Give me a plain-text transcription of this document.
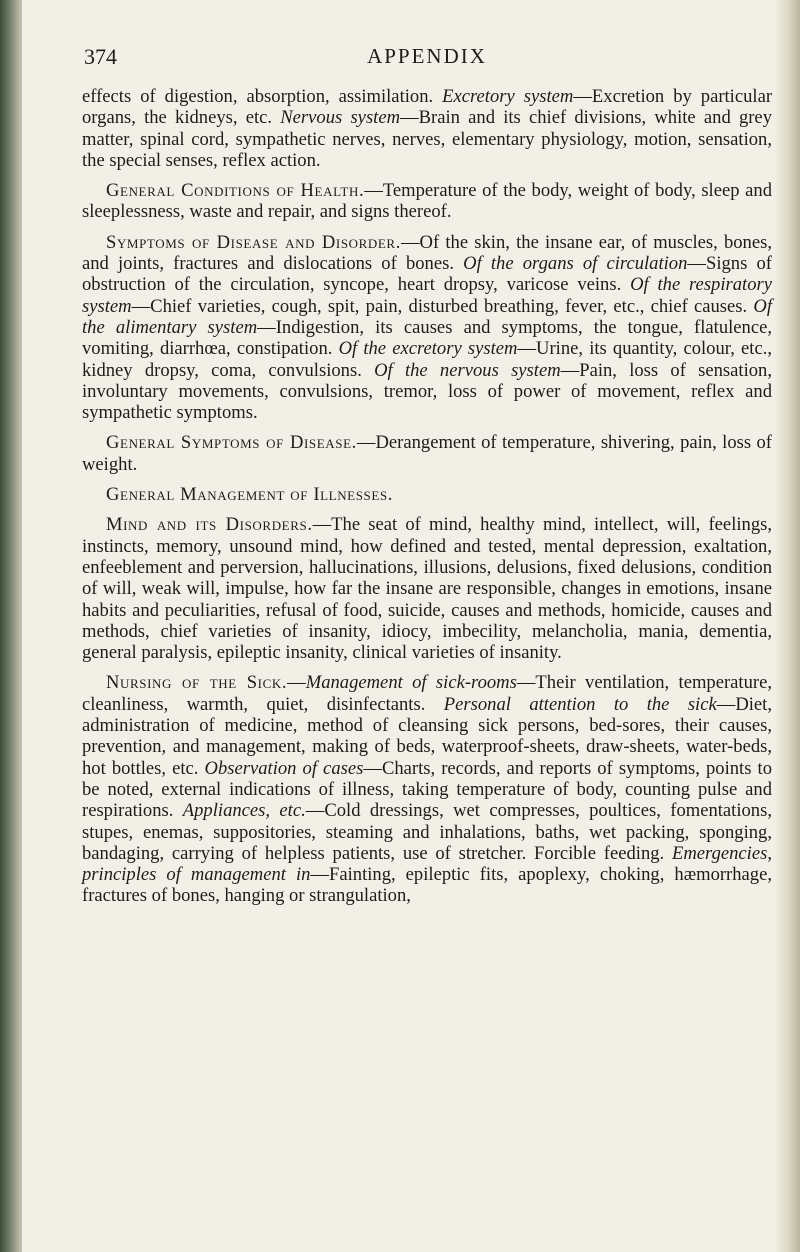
374	APPENDIX

effects of digestion, absorption, assimilation. Excretory system—Excretion by particular organs, the kidneys, etc. Nervous system—Brain and its chief divisions, white and grey matter, spinal cord, sympathetic nerves, nerves, elementary physiology, motion, sensation, the special senses, reflex action.

General Conditions of Health.—Temperature of the body, weight of body, sleep and sleeplessness, waste and repair, and signs thereof.

Symptoms of Disease and Disorder.—Of the skin, the insane ear, of muscles, bones, and joints, fractures and dislocations of bones. Of the organs of circulation—Signs of obstruction of the circulation, syncope, heart dropsy, varicose veins. Of the respiratory system—Chief varieties, cough, spit, pain, disturbed breathing, fever, etc., chief causes. Of the alimentary system—Indigestion, its causes and symptoms, the tongue, flatulence, vomiting, diarrhœa, constipation. Of the excretory system—Urine, its quantity, colour, etc., kidney dropsy, coma, convulsions. Of the nervous system—Pain, loss of sensation, involuntary movements, convulsions, tremor, loss of power of movement, reflex and sympathetic symptoms.

General Symptoms of Disease.—Derangement of temperature, shivering, pain, loss of weight.

General Management of Illnesses.

Mind and its Disorders.—The seat of mind, healthy mind, intellect, will, feelings, instincts, memory, unsound mind, how defined and tested, mental depression, exaltation, enfeeblement and perversion, hallucinations, illusions, delusions, fixed delusions, condition of will, weak will, impulse, how far the insane are responsible, changes in emotions, insane habits and peculiarities, refusal of food, suicide, causes and methods, homicide, causes and methods, chief varieties of insanity, idiocy, imbecility, melancholia, mania, dementia, general paralysis, epileptic insanity, clinical varieties of insanity.

Nursing of the Sick.—Management of sick-rooms—Their ventilation, temperature, cleanliness, warmth, quiet, disinfectants. Personal attention to the sick—Diet, administration of medicine, method of cleansing sick persons, bed-sores, their causes, prevention, and management, making of beds, waterproof-sheets, draw-sheets, water-beds, hot bottles, etc. Observation of cases—Charts, records, and reports of symptoms, points to be noted, external indications of illness, taking temperature of body, counting pulse and respirations. Appliances, etc.—Cold dressings, wet compresses, poultices, fomentations, stupes, enemas, suppositories, steaming and inhalations, baths, wet packing, sponging, bandaging, carrying of helpless patients, use of stretcher. Forcible feeding. Emergencies, principles of management in—Fainting, epileptic fits, apoplexy, choking, hæmorrhage, fractures of bones, hanging or strangulation,
